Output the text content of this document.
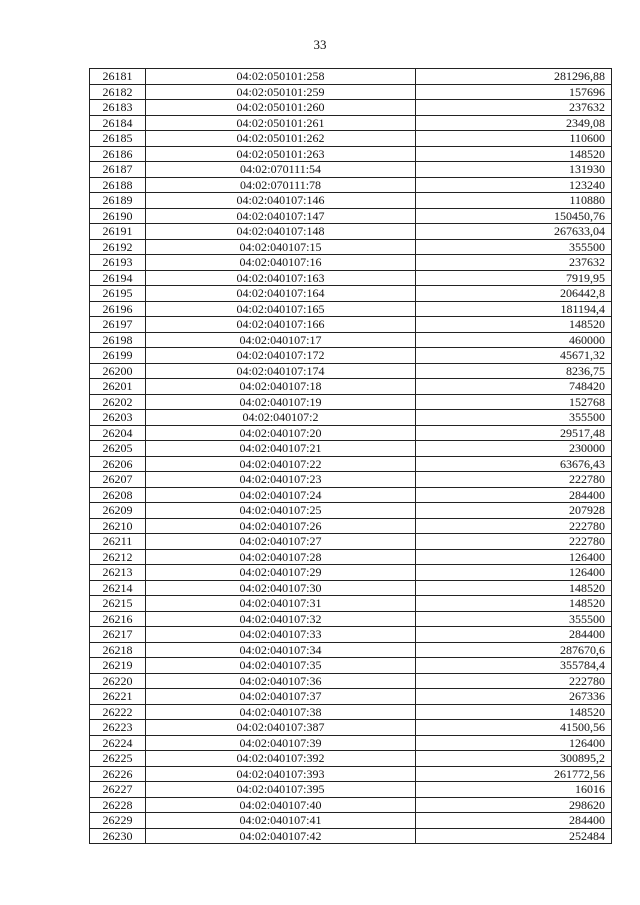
33
26181	04:02:050101:258	281296,88
26182	04:02:050101:259	157696
26183	04:02:050101:260	237632
26184	04:02:050101:261	2349,08
26185	04:02:050101:262	110600
26186	04:02:050101:263	148520
26187	04:02:070111:54	131930
26188	04:02:070111:78	123240
26189	04:02:040107:146	110880
26190	04:02:040107:147	150450,76
26191	04:02:040107:148	267633,04
26192	04:02:040107:15	355500
26193	04:02:040107:16	237632
26194	04:02:040107:163	7919,95
26195	04:02:040107:164	206442,8
26196	04:02:040107:165	181194,4
26197	04:02:040107:166	148520
26198	04:02:040107:17	460000
26199	04:02:040107:172	45671,32
26200	04:02:040107:174	8236,75
26201	04:02:040107:18	748420
26202	04:02:040107:19	152768
26203	04:02:040107:2	355500
26204	04:02:040107:20	29517,48
26205	04:02:040107:21	230000
26206	04:02:040107:22	63676,43
26207	04:02:040107:23	222780
26208	04:02:040107:24	284400
26209	04:02:040107:25	207928
26210	04:02:040107:26	222780
26211	04:02:040107:27	222780
26212	04:02:040107:28	126400
26213	04:02:040107:29	126400
26214	04:02:040107:30	148520
26215	04:02:040107:31	148520
26216	04:02:040107:32	355500
26217	04:02:040107:33	284400
26218	04:02:040107:34	287670,6
26219	04:02:040107:35	355784,4
26220	04:02:040107:36	222780
26221	04:02:040107:37	267336
26222	04:02:040107:38	148520
26223	04:02:040107:387	41500,56
26224	04:02:040107:39	126400
26225	04:02:040107:392	300895,2
26226	04:02:040107:393	261772,56
26227	04:02:040107:395	16016
26228	04:02:040107:40	298620
26229	04:02:040107:41	284400
26230	04:02:040107:42	252484
